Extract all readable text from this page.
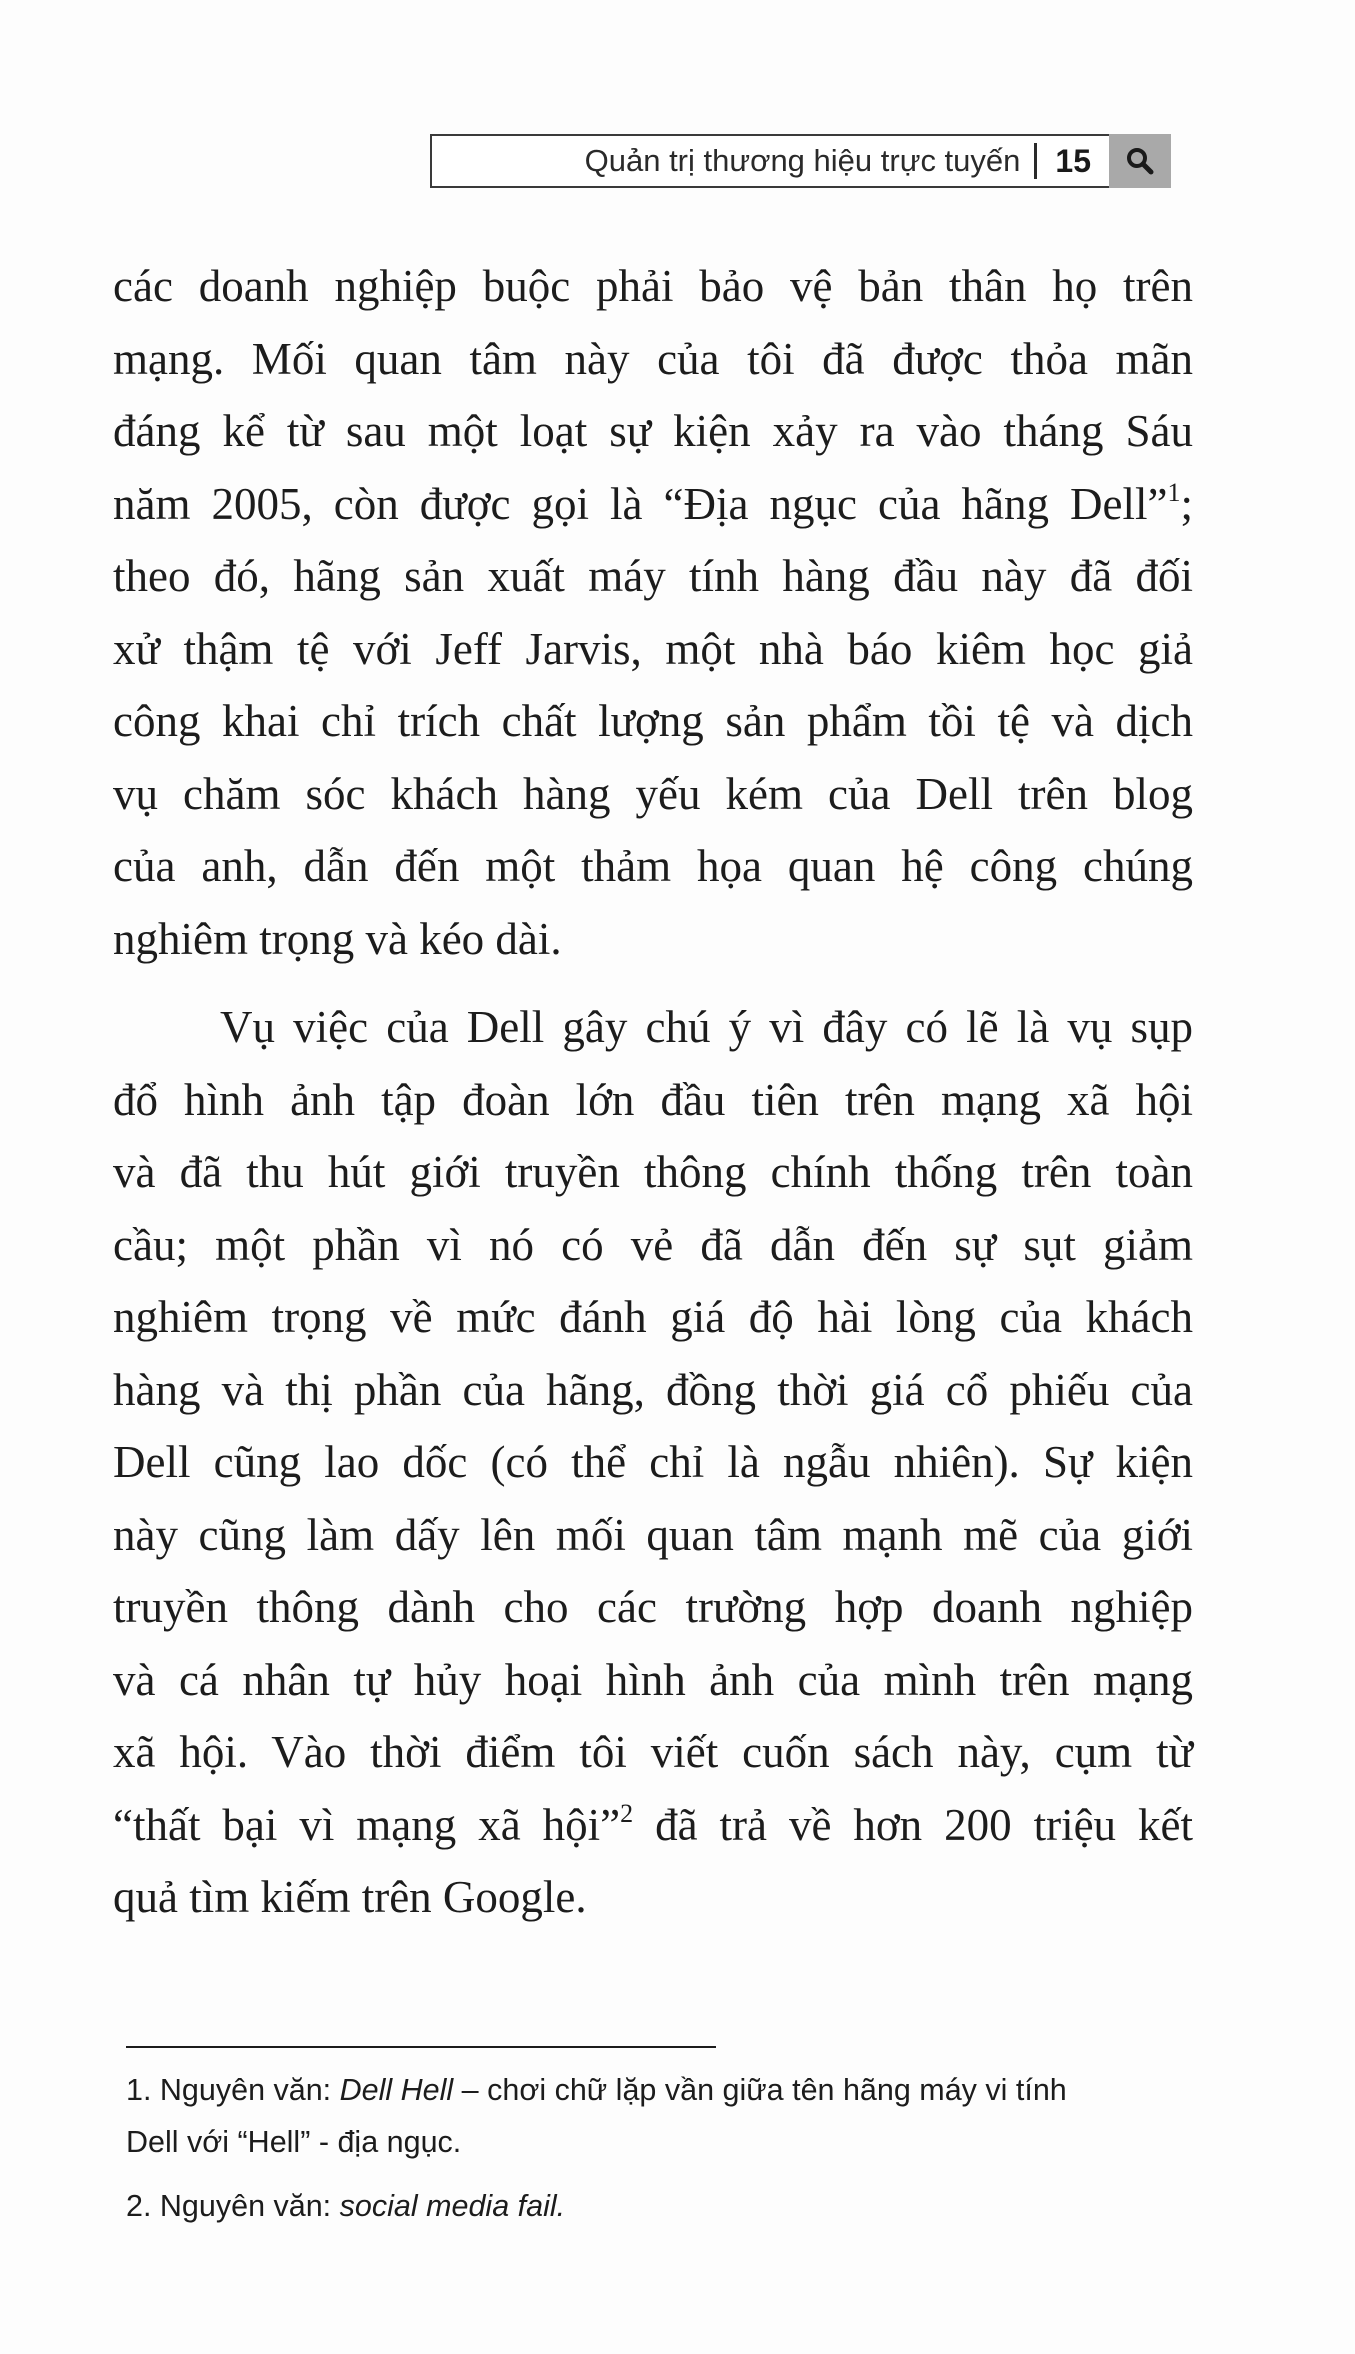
Quản trị thương hiệu trực tuyến	15

các doanh nghiệp buộc phải bảo vệ bản thân họ trên
mạng. Mối quan tâm này của tôi đã được thỏa mãn
đáng kể từ sau một loạt sự kiện xảy ra vào tháng Sáu
năm 2005, còn được gọi là “Địa ngục của hãng Dell”$^1$;
theo đó, hãng sản xuất máy tính hàng đầu này đã đối
xử thậm tệ với Jeff Jarvis, một nhà báo kiêm học giả
công khai chỉ trích chất lượng sản phẩm tồi tệ và dịch
vụ chăm sóc khách hàng yếu kém của Dell trên blog
của anh, dẫn đến một thảm họa quan hệ công chúng
nghiêm trọng và kéo dài.

Vụ việc của Dell gây chú ý vì đây có lẽ là vụ sụp
đổ hình ảnh tập đoàn lớn đầu tiên trên mạng xã hội
và đã thu hút giới truyền thông chính thống trên toàn
cầu; một phần vì nó có vẻ đã dẫn đến sự sụt giảm
nghiêm trọng về mức đánh giá độ hài lòng của khách
hàng và thị phần của hãng, đồng thời giá cổ phiếu của
Dell cũng lao dốc (có thể chỉ là ngẫu nhiên). Sự kiện
này cũng làm dấy lên mối quan tâm mạnh mẽ của giới
truyền thông dành cho các trường hợp doanh nghiệp
và cá nhân tự hủy hoại hình ảnh của mình trên mạng
xã hội. Vào thời điểm tôi viết cuốn sách này, cụm từ
“thất bại vì mạng xã hội”$^2$ đã trả về hơn 200 triệu kết
quả tìm kiếm trên Google.

1. Nguyên văn: Dell Hell – chơi chữ lặp vần giữa tên hãng máy vi tính
Dell với “Hell” - địa ngục.

2. Nguyên văn: social media fail.
